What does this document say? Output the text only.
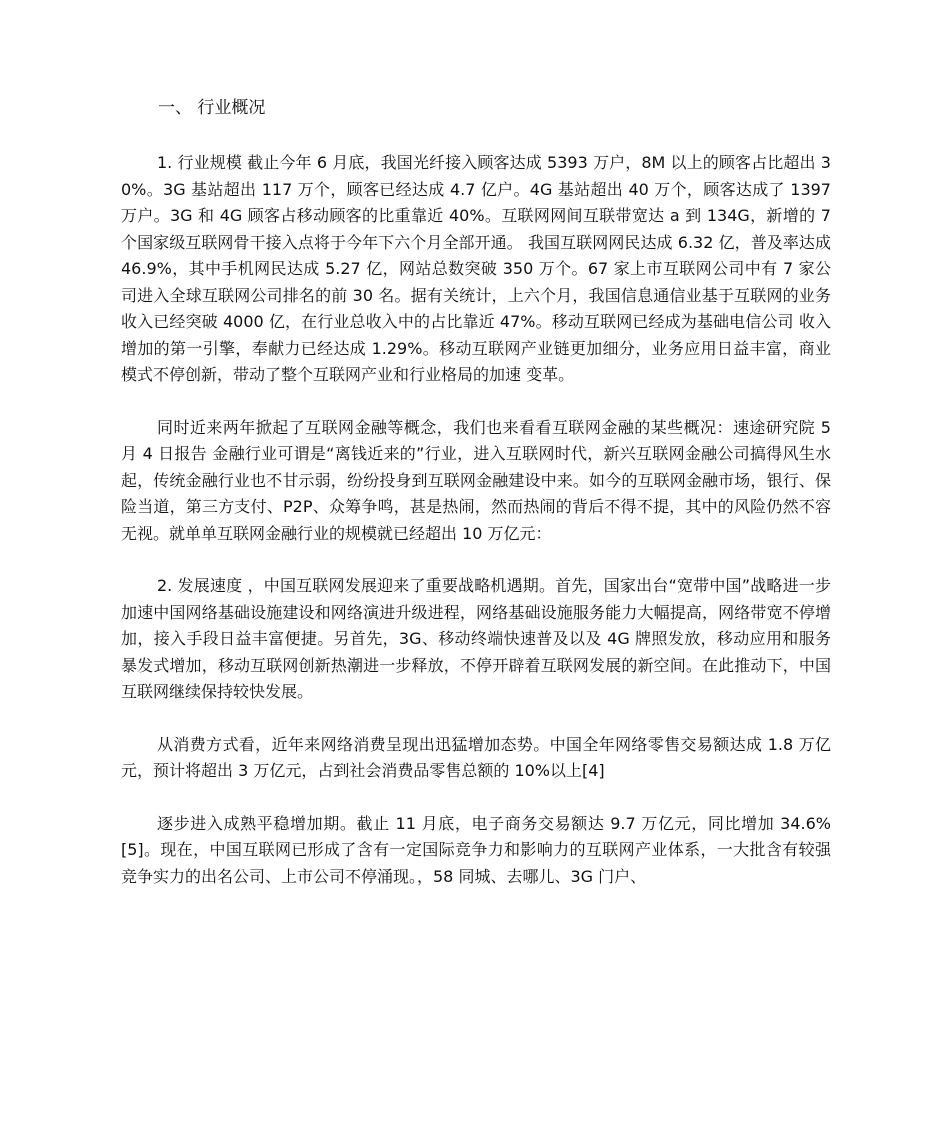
一、 行业概况

1. 行业规模 截止今年 6 月底，我国光纤接入顾客达成 5393 万户，8M 以上的顾客占比超出 30%。3G 基站超出 117 万个，顾客已经达成 4.7 亿户。4G 基站超出 40 万个，顾客达成了 1397 万户。3G 和 4G 顾客占移动顾客的比重靠近 40%。互联网网间互联带宽达 a 到 134G，新增的 7 个国家级互联网骨干接入点将于今年下六个月全部开通。 我国互联网网民达成 6.32 亿，普及率达成 46.9%，其中手机网民达成 5.27 亿，网站总数突破 350 万个。67 家上市互联网公司中有 7 家公司进入全球互联网公司排名的前 30 名。据有关统计，上六个月，我国信息通信业基于互联网的业务收入已经突破 4000 亿，在行业总收入中的占比靠近 47%。移动互联网已经成为基础电信公司 收入增加的第一引擎，奉献力已经达成 1.29%。移动互联网产业链更加细分，业务应用日益丰富，商业模式不停创新，带动了整个互联网产业和行业格局的加速 变革。

同时近来两年掀起了互联网金融等概念，我们也来看看互联网金融的某些概况：速途研究院 5 月 4 日报告 金融行业可谓是“离钱近来的”行业，进入互联网时代，新兴互联网金融公司搞得风生水起，传统金融行业也不甘示弱，纷纷投身到互联网金融建设中来。如今的互联网金融市场，银行、保险当道，第三方支付、P2P、众筹争鸣，甚是热闹，然而热闹的背后不得不提，其中的风险仍然不容无视。就单单互联网金融行业的规模就已经超出 10 万亿元：

2. 发展速度 ，中国互联网发展迎来了重要战略机遇期。首先，国家出台“宽带中国”战略进一步加速中国网络基础设施建设和网络演进升级进程，网络基础设施服务能力大幅提高，网络带宽不停增加，接入手段日益丰富便捷。另首先，3G、移动终端快速普及以及 4G 牌照发放，移动应用和服务暴发式增加，移动互联网创新热潮进一步释放，不停开辟着互联网发展的新空间。在此推动下，中国互联网继续保持较快发展。

从消费方式看，近年来网络消费呈现出迅猛增加态势。中国全年网络零售交易额达成 1.8 万亿元，预计将超出 3 万亿元，占到社会消费品零售总额的 10%以上[4]

逐步进入成熟平稳增加期。截止 11 月底，电子商务交易额达 9.7 万亿元，同比增加 34.6%[5]。现在，中国互联网已形成了含有一定国际竞争力和影响力的互联网产业体系，一大批含有较强竞争实力的出名公司、上市公司不停涌现。，58 同城、去哪儿、3G 门户、
